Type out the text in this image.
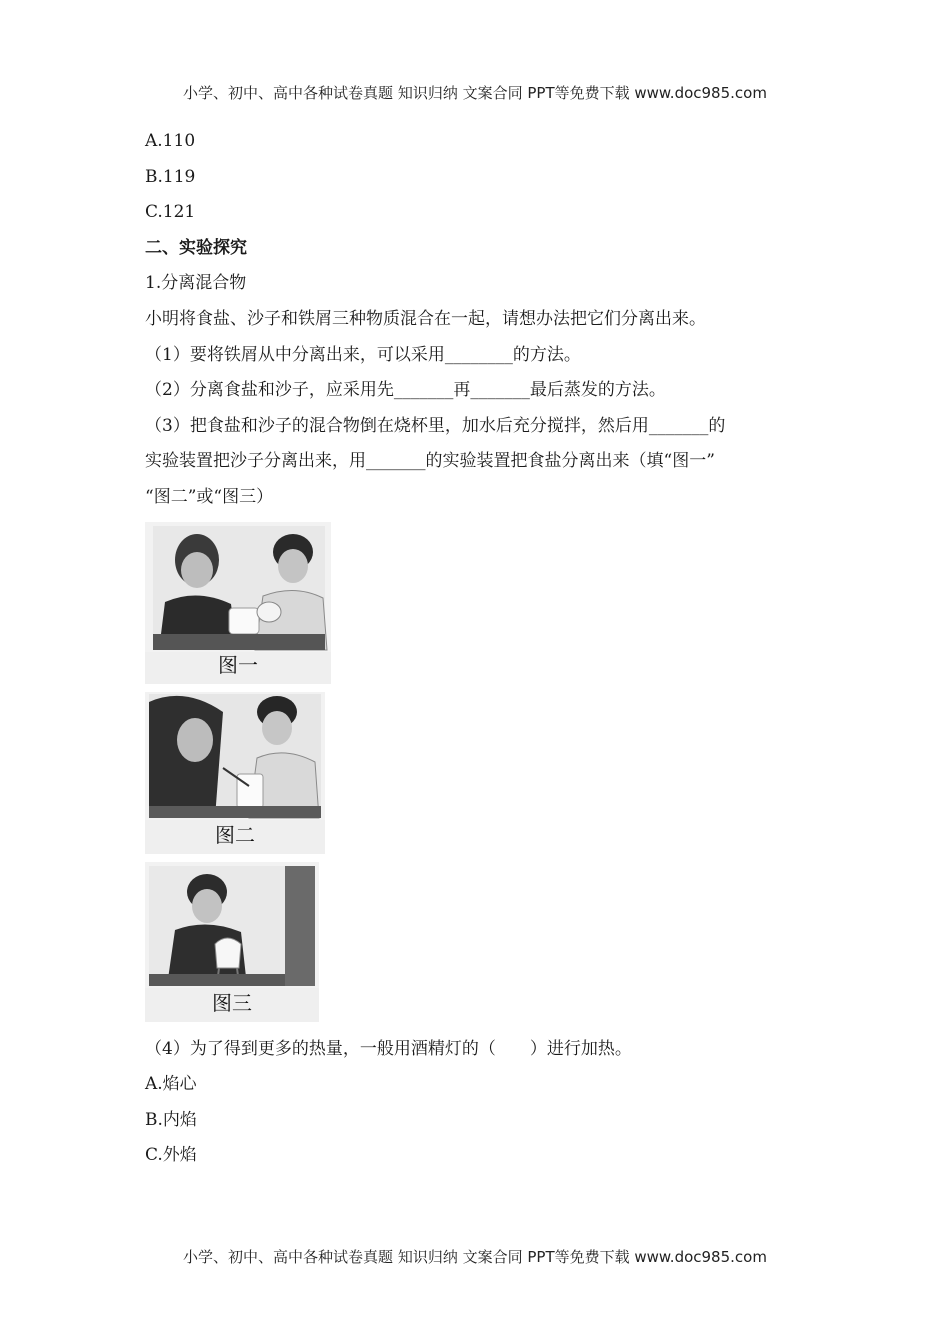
小学、初中、高中各种试卷真题 知识归纳 文案合同 PPT等免费下载 www.doc985.com
A.110
B.119
C.121
二、实验探究
1.分离混合物
小明将食盐、沙子和铁屑三种物质混合在一起，请想办法把它们分离出来。
（1）要将铁屑从中分离出来，可以采用________的方法。
（2）分离食盐和沙子，应采用先_______再_______最后蒸发的方法。
（3）把食盐和沙子的混合物倒在烧杯里，加水后充分搅拌，然后用_______的
实验装置把沙子分离出来，用_______的实验装置把食盐分离出来（填“图一”
“图二”或“图三）
图一
图二
图三
（4）为了得到更多的热量，一般用酒精灯的（　　）进行加热。
A.焰心
B.内焰
C.外焰
小学、初中、高中各种试卷真题 知识归纳 文案合同 PPT等免费下载 www.doc985.com
